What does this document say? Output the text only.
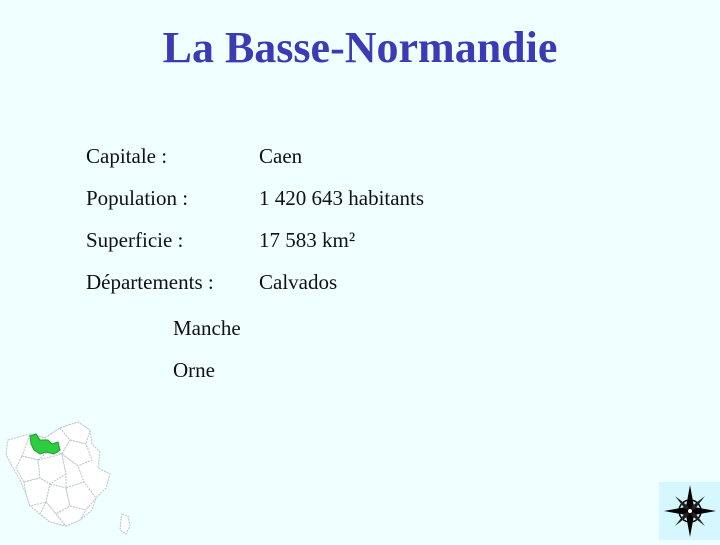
La Basse-Normandie
Capitale :	Caen
Population :	1 420 643 habitants
Superficie :	17 583 km²
Départements : Calvados
Manche
Orne
